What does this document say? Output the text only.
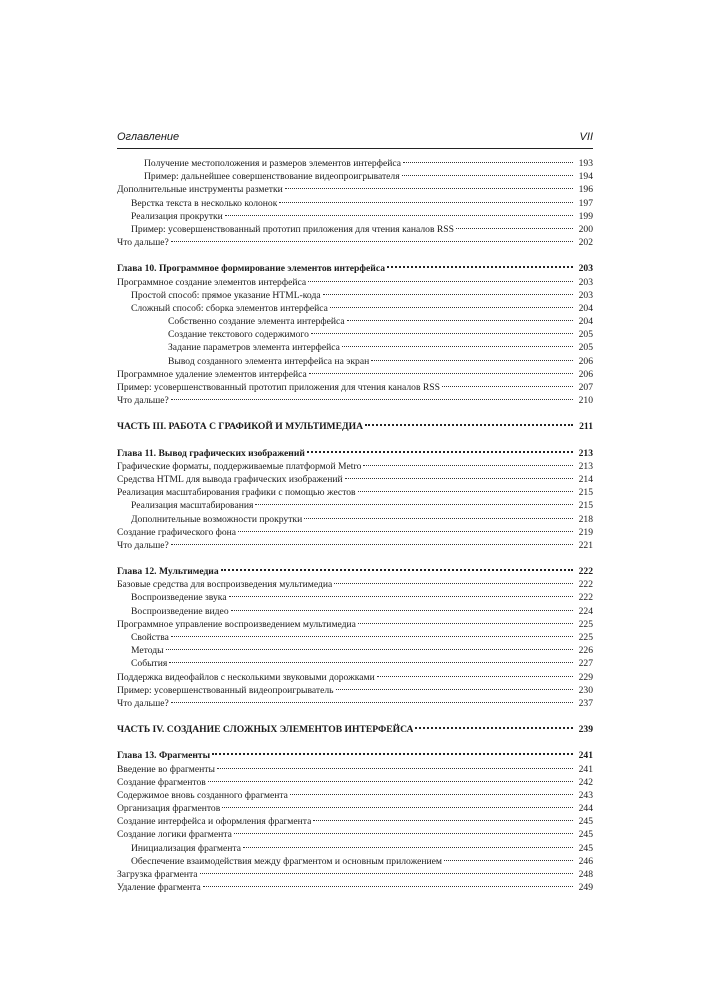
Оглавление	VII
Получение местоположения и размеров элементов интерфейса	193
Пример: дальнейшее совершенствование видеопроигрывателя	194
Дополнительные инструменты разметки	196
Верстка текста в несколько колонок	197
Реализация прокрутки	199
Пример: усовершенствованный прототип приложения для чтения каналов RSS	200
Что дальше?	202
Глава 10. Программное формирование элементов интерфейса	203
Программное создание элементов интерфейса	203
Простой способ: прямое указание HTML-кода	203
Сложный способ: сборка элементов интерфейса	204
Собственно создание элемента интерфейса	204
Создание текстового содержимого	205
Задание параметров элемента интерфейса	205
Вывод созданного элемента интерфейса на экран	206
Программное удаление элементов интерфейса	206
Пример: усовершенствованный прототип приложения для чтения каналов RSS	207
Что дальше?	210
ЧАСТЬ III. РАБОТА С ГРАФИКОЙ И МУЛЬТИМЕДИА	211
Глава 11. Вывод графических изображений	213
Графические форматы, поддерживаемые платформой Metro	213
Средства HTML для вывода графических изображений	214
Реализация масштабирования графики с помощью жестов	215
Реализация масштабирования	215
Дополнительные возможности прокрутки	218
Создание графического фона	219
Что дальше?	221
Глава 12. Мультимедиа	222
Базовые средства для воспроизведения мультимедиа	222
Воспроизведение звука	222
Воспроизведение видео	224
Программное управление воспроизведением мультимедиа	225
Свойства	225
Методы	226
События	227
Поддержка видеофайлов с несколькими звуковыми дорожками	229
Пример: усовершенствованный видеопроигрыватель	230
Что дальше?	237
ЧАСТЬ IV. СОЗДАНИЕ СЛОЖНЫХ ЭЛЕМЕНТОВ ИНТЕРФЕЙСА	239
Глава 13. Фрагменты	241
Введение во фрагменты	241
Создание фрагментов	242
Содержимое вновь созданного фрагмента	243
Организация фрагментов	244
Создание интерфейса и оформления фрагмента	245
Создание логики фрагмента	245
Инициализация фрагмента	245
Обеспечение взаимодействия между фрагментом и основным приложением	246
Загрузка фрагмента	248
Удаление фрагмента	249
